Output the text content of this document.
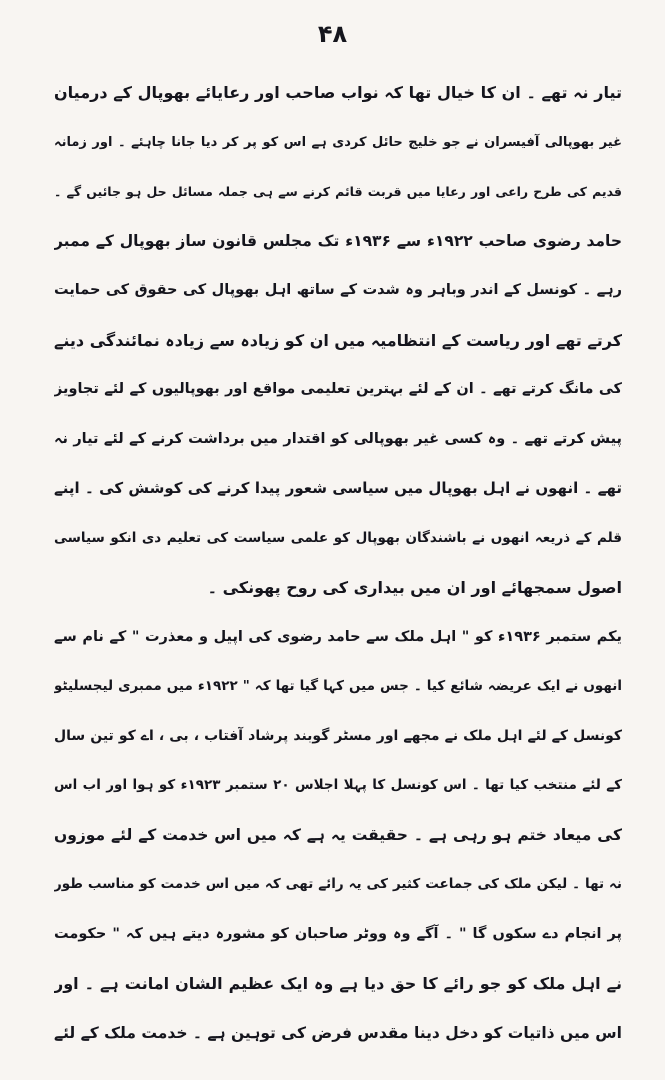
۴۸
تیار نہ تھے ۔ ان کا خیال تھا کہ نواب صاحب اور رعایائے بھوپال کے درمیان
غیر بھوپالی آفیسران نے جو خلیج حائل کردی ہے اس کو پر کر دیا جانا چاہئے ۔ اور زمانہ
قدیم کی طرح راعی اور رعایا میں قربت قائم کرنے سے ہی جملہ مسائل حل ہو جائیں گے ۔
حامد رضوی صاحب ۱۹۲۲ء سے ۱۹۳۶ء تک مجلس قانون ساز بھوپال کے ممبر
رہے ۔ کونسل کے اندر وباہر وہ شدت کے ساتھ اہل بھوپال کی حقوق کی حمایت
کرتے تھے اور ریاست کے انتظامیہ میں ان کو زیادہ سے زیادہ نمائندگی دینے
کی مانگ کرتے تھے ۔ ان کے لئے بہترین تعلیمی مواقع اور بھوپالیوں کے لئے تجاویز
پیش کرتے تھے ۔ وہ کسی غیر بھوپالی کو اقتدار میں برداشت کرنے کے لئے تیار نہ
تھے ۔ انھوں نے اہل بھوپال میں سیاسی شعور پیدا کرنے کی کوشش کی ۔ اپنے
قلم کے ذریعہ انھوں نے باشندگان بھوپال کو علمی سیاست کی تعلیم دی انکو سیاسی
اصول سمجھائے اور ان میں بیداری کی روح پھونکی ۔
یکم ستمبر ۱۹۳۶ء کو " اہل ملک سے حامد رضوی کی اپیل و معذرت " کے نام سے
انھوں نے ایک عریضہ شائع کیا ۔ جس میں کہا گیا تھا کہ " ۱۹۲۲ء میں ممبری لیجسلیٹو
کونسل کے لئے اہل ملک نے مجھے اور مسٹر گوبند پرشاد آفتاب ، بی ، اے کو تین سال
کے لئے منتخب کیا تھا ۔ اس کونسل کا پہلا اجلاس ۲۰ ستمبر ۱۹۲۳ء کو ہوا اور اب اس
کی میعاد ختم ہو رہی ہے ۔ حقیقت یہ ہے کہ میں اس خدمت کے لئے موزوں
نہ تھا ۔ لیکن ملک کی جماعت کثیر کی یہ رائے تھی کہ میں اس خدمت کو مناسب طور
پر انجام دے سکوں گا " ۔ آگے وہ ووٹر صاحبان کو مشورہ دیتے ہیں کہ " حکومت
نے اہل ملک کو جو رائے کا حق دیا ہے وہ ایک عظیم الشان امانت ہے ۔ اور
اس میں ذاتیات کو دخل دینا مقدس فرض کی توہین ہے ۔ خدمت ملک کے لئے
